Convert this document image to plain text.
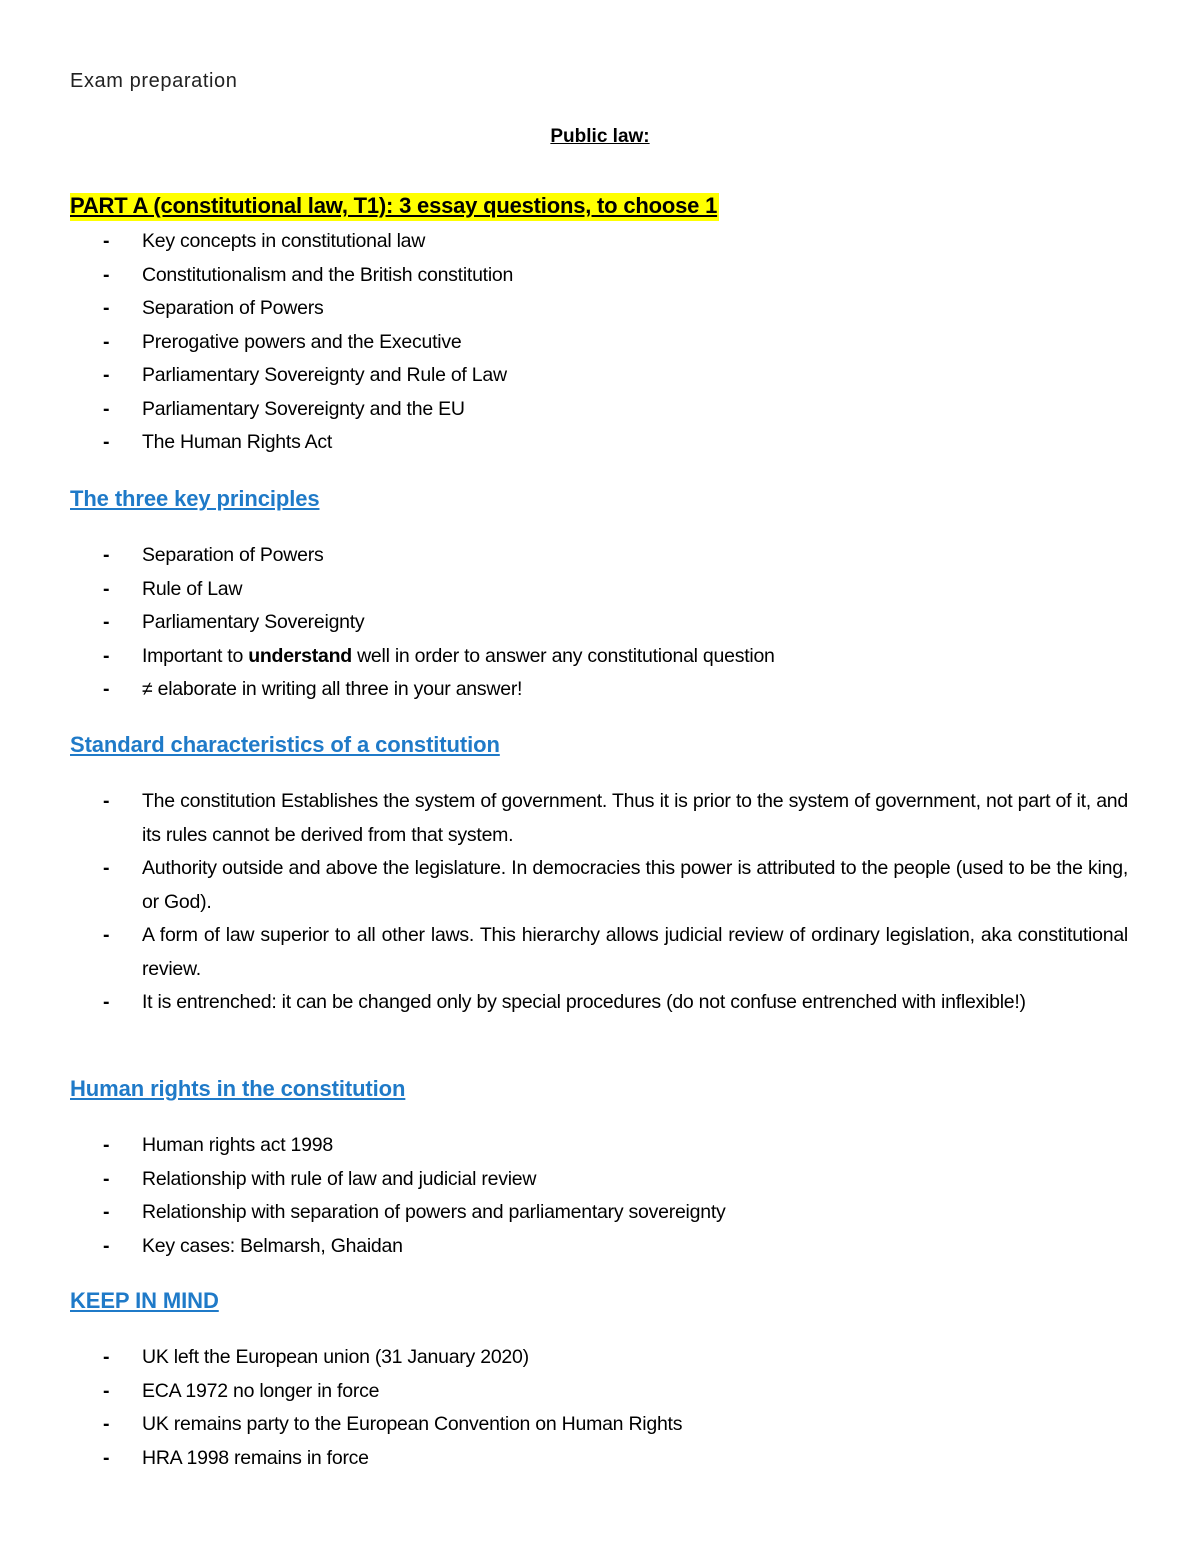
Exam preparation
Public law:
PART A (constitutional law, T1): 3 essay questions, to choose 1
- Key concepts in constitutional law
- Constitutionalism and the British constitution
- Separation of Powers
- Prerogative powers and the Executive
- Parliamentary Sovereignty and Rule of Law
- Parliamentary Sovereignty and the EU
- The Human Rights Act
The three key principles
- Separation of Powers
- Rule of Law
- Parliamentary Sovereignty
- Important to understand well in order to answer any constitutional question
- ≠ elaborate in writing all three in your answer!
Standard characteristics of a constitution
- The constitution Establishes the system of government. Thus it is prior to the system of government, not part of it, and its rules cannot be derived from that system.
- Authority outside and above the legislature. In democracies this power is attributed to the people (used to be the king, or God).
- A form of law superior to all other laws. This hierarchy allows judicial review of ordinary legislation, aka constitutional review.
- It is entrenched: it can be changed only by special procedures (do not confuse entrenched with inflexible!)
Human rights in the constitution
- Human rights act 1998
- Relationship with rule of law and judicial review
- Relationship with separation of powers and parliamentary sovereignty
- Key cases: Belmarsh, Ghaidan
KEEP IN MIND
- UK left the European union (31 January 2020)
- ECA 1972 no longer in force
- UK remains party to the European Convention on Human Rights
- HRA 1998 remains in force
